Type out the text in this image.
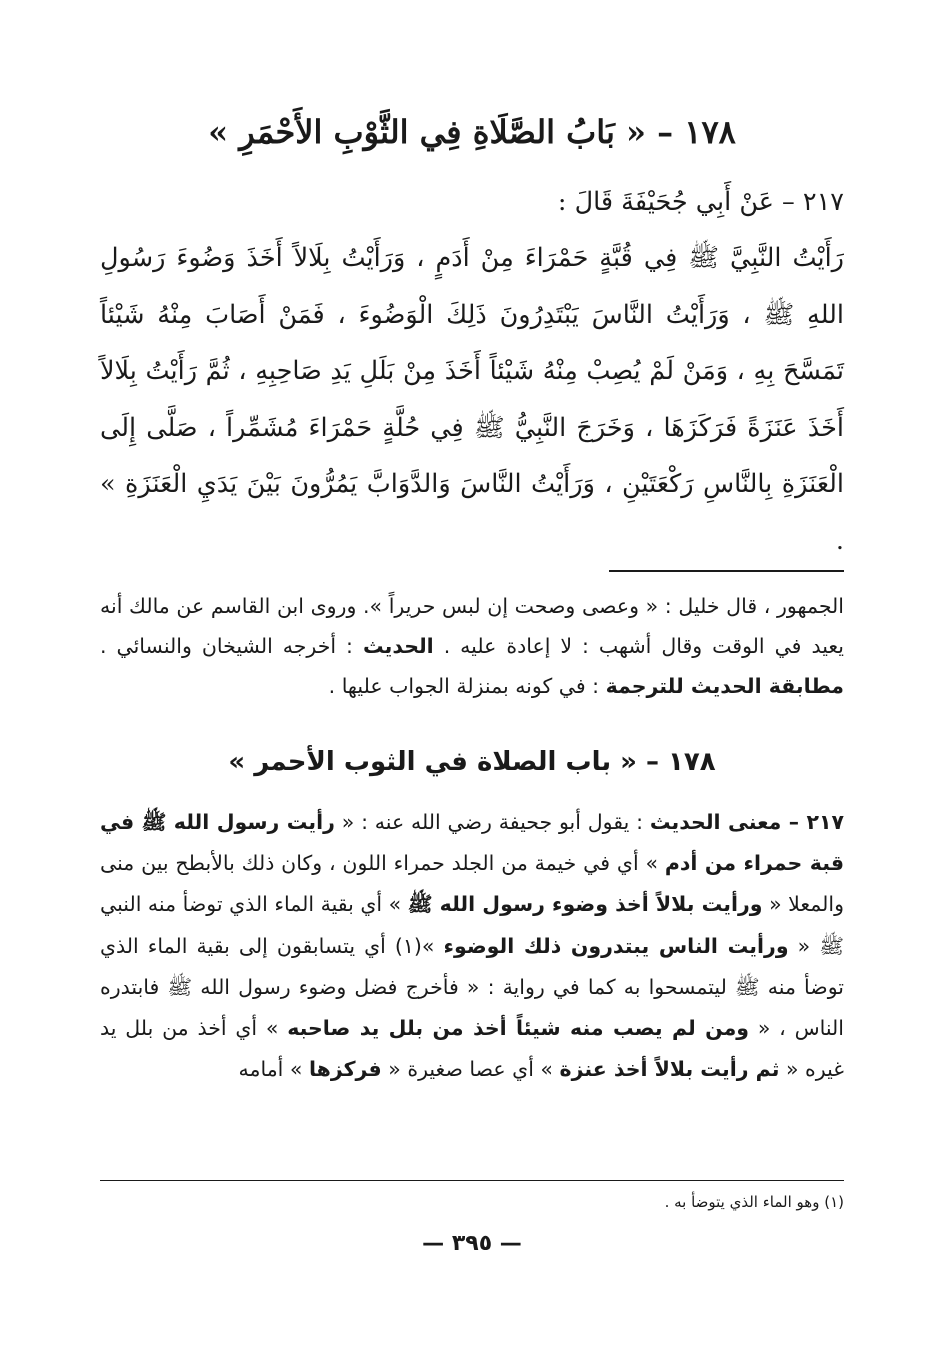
١٧٨ – « بَابُ الصَّلَاةِ فِي الثَّوْبِ الأَحْمَرِ »
٢١٧ – عَنْ أَبِي جُحَيْفَةَ قَالَ :
رَأَيْتُ النَّبِيَّ ﷺ فِي قُبَّةٍ حَمْرَاءَ مِنْ أَدَمٍ ، وَرَأَيْتُ بِلَالاً أَخَذَ وَضُوءَ رَسُولِ اللهِ ﷺ ، وَرَأَيْتُ النَّاسَ يَبْتَدِرُونَ ذَلِكَ الْوَضُوءَ ، فَمَنْ أَصَابَ مِنْهُ شَيْئاً تَمَسَّحَ بِهِ ، وَمَنْ لَمْ يُصِبْ مِنْهُ شَيْئاً أَخَذَ مِنْ بَلَلِ يَدِ صَاحِبِهِ ، ثُمَّ رَأَيْتُ بِلَالاً أَخَذَ عَنَزَةً فَرَكَزَهَا ، وَخَرَجَ النَّبِيُّ ﷺ فِي حُلَّةٍ حَمْرَاءَ مُشَمِّراً ، صَلَّى إِلَى الْعَنَزَةِ بِالنَّاسِ رَكْعَتَيْنِ ، وَرَأَيْتُ النَّاسَ وَالدَّوَابَّ يَمُرُّونَ بَيْنَ يَدَيِ الْعَنَزَةِ » .
الجمهور ، قال خليل : « وعصى وصحت إن لبس حريراً ». وروى ابن القاسم عن مالك أنه يعيد في الوقت وقال أشهب : لا إعادة عليه . الحديث : أخرجه الشيخان والنسائي . مطابقة الحديث للترجمة : في كونه بمنزلة الجواب عليها .
١٧٨ – « باب الصلاة في الثوب الأحمر »
٢١٧ – معنى الحديث : يقول أبو جحيفة رضي الله عنه : « رأيت رسول الله ﷺ في قبة حمراء من أدم » أي في خيمة من الجلد حمراء اللون ، وكان ذلك بالأبطح بين منى والمعلا « ورأيت بلالاً أخذ وضوء رسول الله ﷺ » أي بقية الماء الذي توضأ منه النبي ﷺ « ورأيت الناس يبتدرون ذلك الوضوء »(١) أي يتسابقون إلى بقية الماء الذي توضأ منه ﷺ ليتمسحوا به كما في رواية : « فأخرج فضل وضوء رسول الله ﷺ فابتدره الناس ، « ومن لم يصب منه شيئاً أخذ من بلل يد صاحبه » أي أخذ من بلل يد غيره « ثم رأيت بلالاً أخذ عنزة » أي عصا صغيرة « فركزها » أمامه
(١) وهو الماء الذي يتوضأ به .
— ٣٩٥ —
